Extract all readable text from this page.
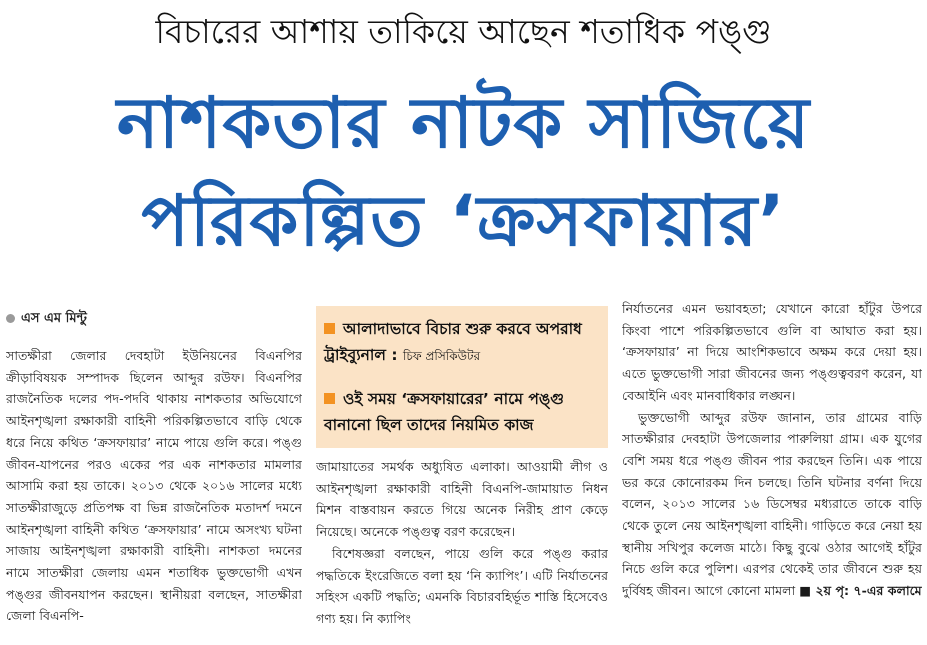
বিচারের আশায় তাকিয়ে আছেন শতাধিক পঙ্গু
নাশকতার নাটক সাজিয়ে
পরিকল্পিত ‘ক্রসফায়ার’
এস এম মিন্টু

সাতক্ষীরা জেলার দেবহাটা ইউনিয়নের বিএনপির ক্রীড়াবিষয়ক সম্পাদক ছিলেন আব্দুর রউফ। বিএনপির রাজনৈতিক দলের পদ-পদবি থাকায় নাশকতার অভিযোগে আইনশৃঙ্খলা রক্ষাকারী বাহিনী পরিকল্পিতভাবে বাড়ি থেকে ধরে নিয়ে কথিত ‘ক্রসফায়ার’ নামে পায়ে গুলি করে। পঙ্গু জীবন-যাপনের পরও একের পর এক নাশকতার মামলার আসামি করা হয় তাকে। ২০১৩ থেকে ২০১৬ সালের মধ্যে সাতক্ষীরাজুড়ে প্রতিপক্ষ বা ভিন্ন রাজনৈতিক মতাদর্শ দমনে আইনশৃঙ্খলা বাহিনী কথিত ‘ক্রসফায়ার’ নামে অসংখ্য ঘটনা সাজায় আইনশৃঙ্খলা রক্ষাকারী বাহিনী। নাশকতা দমনের নামে সাতক্ষীরা জেলায় এমন শতাধিক ভুক্তভোগী এখন পঙ্গুর জীবনযাপন করছেন। স্থানীয়রা বলছেন, সাতক্ষীরা জেলা বিএনপি-

আলাদাভাবে বিচার শুরু করবে অপরাধ ট্রাইব্যুনাল : চিফ প্রসিকিউটর
ওই সময় ‘ক্রসফায়ারের’ নামে পঙ্গু বানানো ছিল তাদের নিয়মিত কাজ

জামায়াতের সমর্থক অধ্যুষিত এলাকা। আওয়ামী লীগ ও আইনশৃঙ্খলা রক্ষাকারী বাহিনী বিএনপি-জামায়াত নিধন মিশন বাস্তবায়ন করতে গিয়ে অনেক নিরীহ প্রাণ কেড়ে নিয়েছে। অনেকে পঙ্গুত্ব বরণ করেছেন।

বিশেষজ্ঞরা বলছেন, পায়ে গুলি করে পঙ্গু করার পদ্ধতিকে ইংরেজিতে বলা হয় ‘নি ক্যাপিং’। এটি নির্যাতনের সহিংস একটি পদ্ধতি; এমনকি বিচারবহির্ভূত শাস্তি হিসেবেও গণ্য হয়। নি ক্যাপিং

নির্যাতনের এমন ভয়াবহতা; যেখানে কারো হাঁটুর উপরে কিংবা পাশে পরিকল্পিতভাবে গুলি বা আঘাত করা হয়। ‘ক্রসফায়ার’ না দিয়ে আংশিকভাবে অক্ষম করে দেয়া হয়। এতে ভুক্তভোগী সারা জীবনের জন্য পঙ্গুত্ববরণ করেন, যা বেআইনি এবং মানবাধিকার লঙ্ঘন।

ভুক্তভোগী আব্দুর রউফ জানান, তার গ্রামের বাড়ি সাতক্ষীরার দেবহাটা উপজেলার পারুলিয়া গ্রাম। এক যুগের বেশি সময় ধরে পঙ্গু জীবন পার করছেন তিনি। এক পায়ে ভর করে কোনোরকম দিন চলছে। তিনি ঘটনার বর্ণনা দিয়ে বলেন, ২০১৩ সালের ১৬ ডিসেম্বর মধ্যরাতে তাকে বাড়ি থেকে তুলে নেয় আইনশৃঙ্খলা বাহিনী। গাড়িতে করে নেয়া হয় স্থানীয় সখিপুর কলেজ মাঠে। কিছু বুঝে ওঠার আগেই হাঁটুর নিচে গুলি করে পুলিশ। এরপর থেকেই তার জীবনে শুরু হয় দুর্বিষহ জীবন। আগে কোনো মামলা ■ ২য় পৃ: ৭-এর কলামে
